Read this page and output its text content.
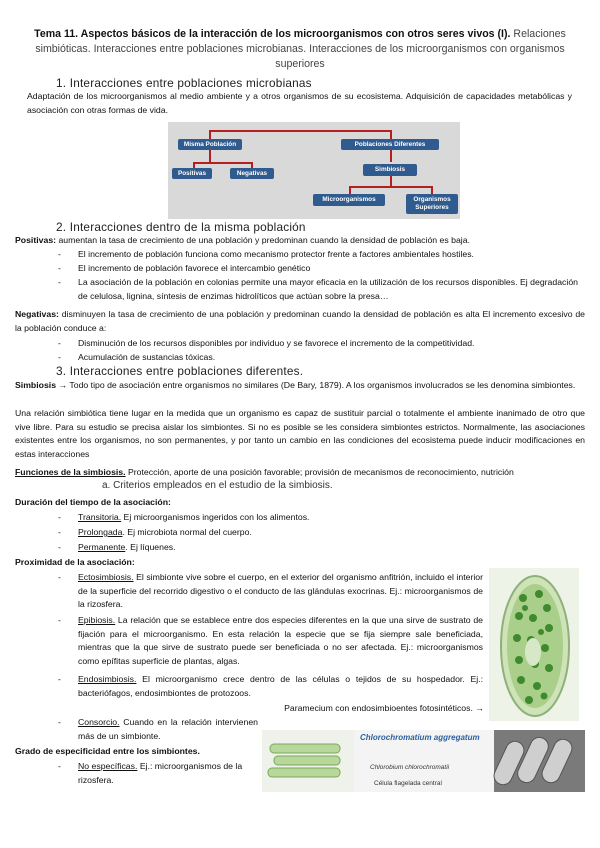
Tema 11. Aspectos básicos de la interacción de los microorganismos con otros seres vivos (I). Relaciones simbióticas. Interacciones entre poblaciones microbianas. Interacciones de los microorganismos con organismos superiores
1. Interacciones entre poblaciones microbianas
Adaptación de los microorganismos al medio ambiente y a otros organismos de su ecosistema. Adquisición de capacidades metabólicas y asociación con otras formas de vida.
Misma Población	Poblaciones Diferentes
Positivas	Negativas	Simbiosis
Microorganismos	Organismos Superiores
2. Interacciones dentro de la misma población
Positivas: aumentan la tasa de crecimiento de una población y predominan cuando la densidad de población es baja.
- El incremento de población funciona como mecanismo protector frente a factores ambientales hostiles.
- El incremento de población favorece el intercambio genético
- La asociación de la población en colonias permite una mayor eficacia en la utilización de los recursos disponibles. Ej degradación de celulosa, lignina, síntesis de enzimas hidrolíticos que actúan sobre la presa…
Negativas: disminuyen la tasa de crecimiento de una población y predominan cuando la densidad de población es alta El incremento excesivo de la población conduce a:
- Disminución de los recursos disponibles por individuo y se favorece el incremento de la competitividad.
- Acumulación de sustancias tóxicas.
3. Interacciones entre poblaciones diferentes.
Simbiosis → Todo tipo de asociación entre organismos no similares (De Bary, 1879). A los organismos involucrados se les denomina simbiontes.
Una relación simbiótica tiene lugar en la medida que un organismo es capaz de sustituir parcial o totalmente el ambiente inanimado de otro que vive libre. Para su estudio se precisa aislar los simbiontes. Si no es posible se les considera simbiontes estrictos. Normalmente, las asociaciones existentes entre los organismos, no son permanentes, y por tanto un cambio en las condiciones del ecosistema puede inducir modificaciones en estas interacciones
Funciones de la simbiosis. Protección, aporte de una posición favorable; provisión de mecanismos de reconocimiento, nutrición
a. Criterios empleados en el estudio de la simbiosis.
Duración del tiempo de la asociación:
- Transitoria. Ej microorganismos ingeridos con los alimentos.
- Prolongada. Ej microbiota normal del cuerpo.
- Permanente. Ej líquenes.
Proximidad de la asociación:
- Ectosimbiosis. El simbionte vive sobre el cuerpo, en el exterior del organismo anfitrión, incluido el interior de la superficie del recorrido digestivo o el conducto de las glándulas exocrinas. Ej.: microorganismos de la rizosfera.
- Epibiosis. La relación que se establece entre dos especies diferentes en la que una sirve de sustrato de fijación para el microorganismo. En esta relación la especie que se fija siempre sale beneficiada, mientras que la que sirve de sustrato puede ser beneficiada o no ser afectada. Ej.: microorganismos como epífitas superficie de plantas, algas.
- Endosimbiosis. El microorganismo crece dentro de las células o tejidos de su hospedador. Ej.: bacteriófagos, endosimbiontes de protozoos.
Paramecium con endosimbioentes fotosintéticos. →
- Consorcio. Cuando en la relación intervienen más de un simbionte.
Grado de especificidad entre los simbiontes.
- No específicas. Ej.: microorganismos de la rizosfera.
Chlorochromatium aggregatum
Chlorobium chlorochromatii
Célula flagelada central
